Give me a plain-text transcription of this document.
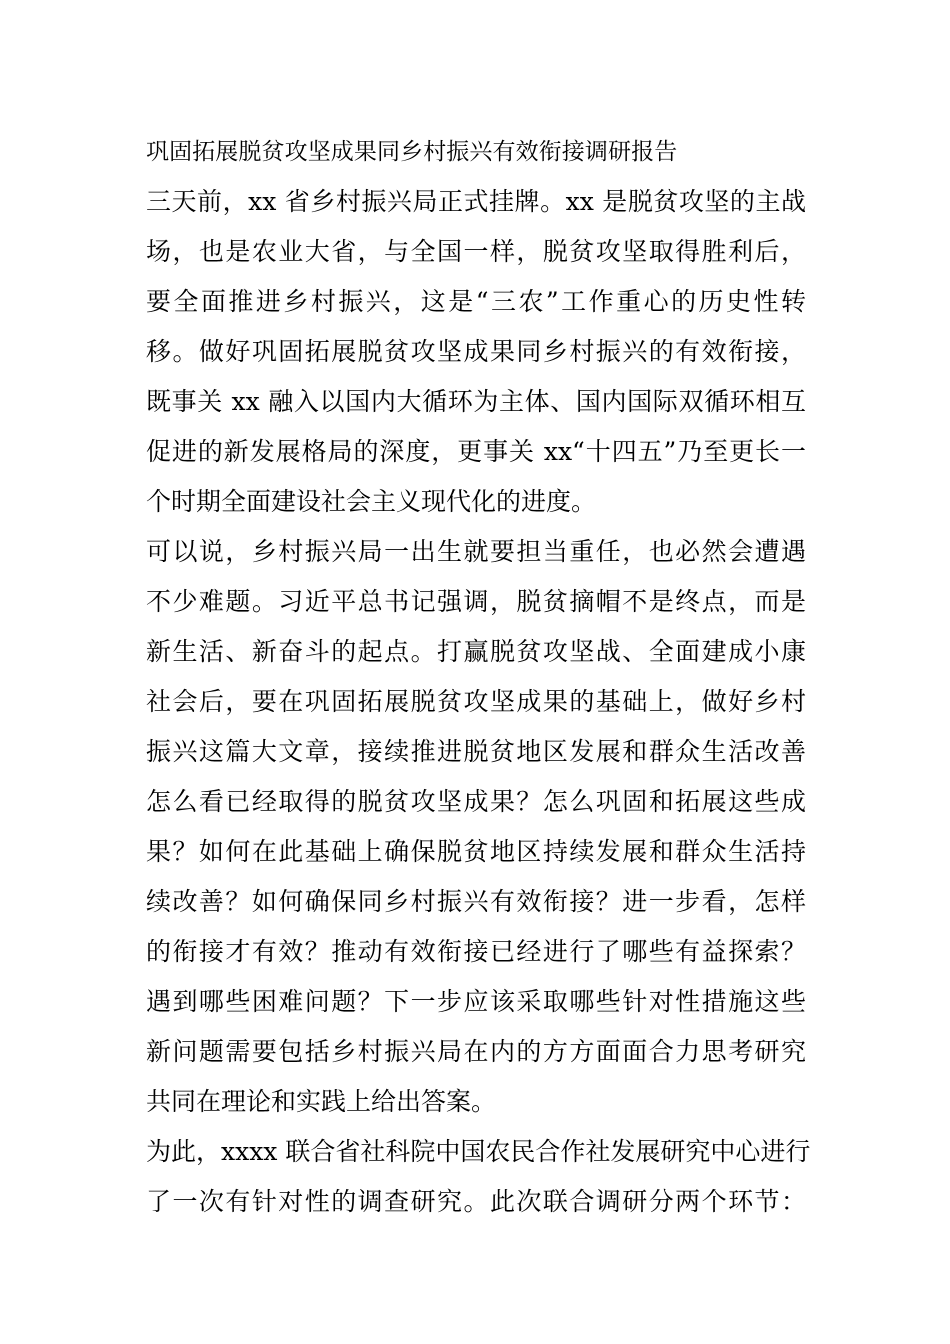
巩固拓展脱贫攻坚成果同乡村振兴有效衔接调研报告
三天前，xx 省乡村振兴局正式挂牌。xx 是脱贫攻坚的主战
场，也是农业大省，与全国一样，脱贫攻坚取得胜利后，
要全面推进乡村振兴，这是“三农”工作重心的历史性转
移。做好巩固拓展脱贫攻坚成果同乡村振兴的有效衔接，
既事关 xx 融入以国内大循环为主体、国内国际双循环相互
促进的新发展格局的深度，更事关 xx“十四五”乃至更长一
个时期全面建设社会主义现代化的进度。
可以说，乡村振兴局一出生就要担当重任，也必然会遭遇
不少难题。习近平总书记强调，脱贫摘帽不是终点，而是
新生活、新奋斗的起点。打赢脱贫攻坚战、全面建成小康
社会后，要在巩固拓展脱贫攻坚成果的基础上，做好乡村
振兴这篇大文章，接续推进脱贫地区发展和群众生活改善
怎么看已经取得的脱贫攻坚成果？怎么巩固和拓展这些成
果？如何在此基础上确保脱贫地区持续发展和群众生活持
续改善？如何确保同乡村振兴有效衔接？进一步看，怎样
的衔接才有效？推动有效衔接已经进行了哪些有益探索？
遇到哪些困难问题？下一步应该采取哪些针对性措施这些
新问题需要包括乡村振兴局在内的方方面面合力思考研究
共同在理论和实践上给出答案。
为此，xxxx 联合省社科院中国农民合作社发展研究中心进行
了一次有针对性的调查研究。此次联合调研分两个环节：
